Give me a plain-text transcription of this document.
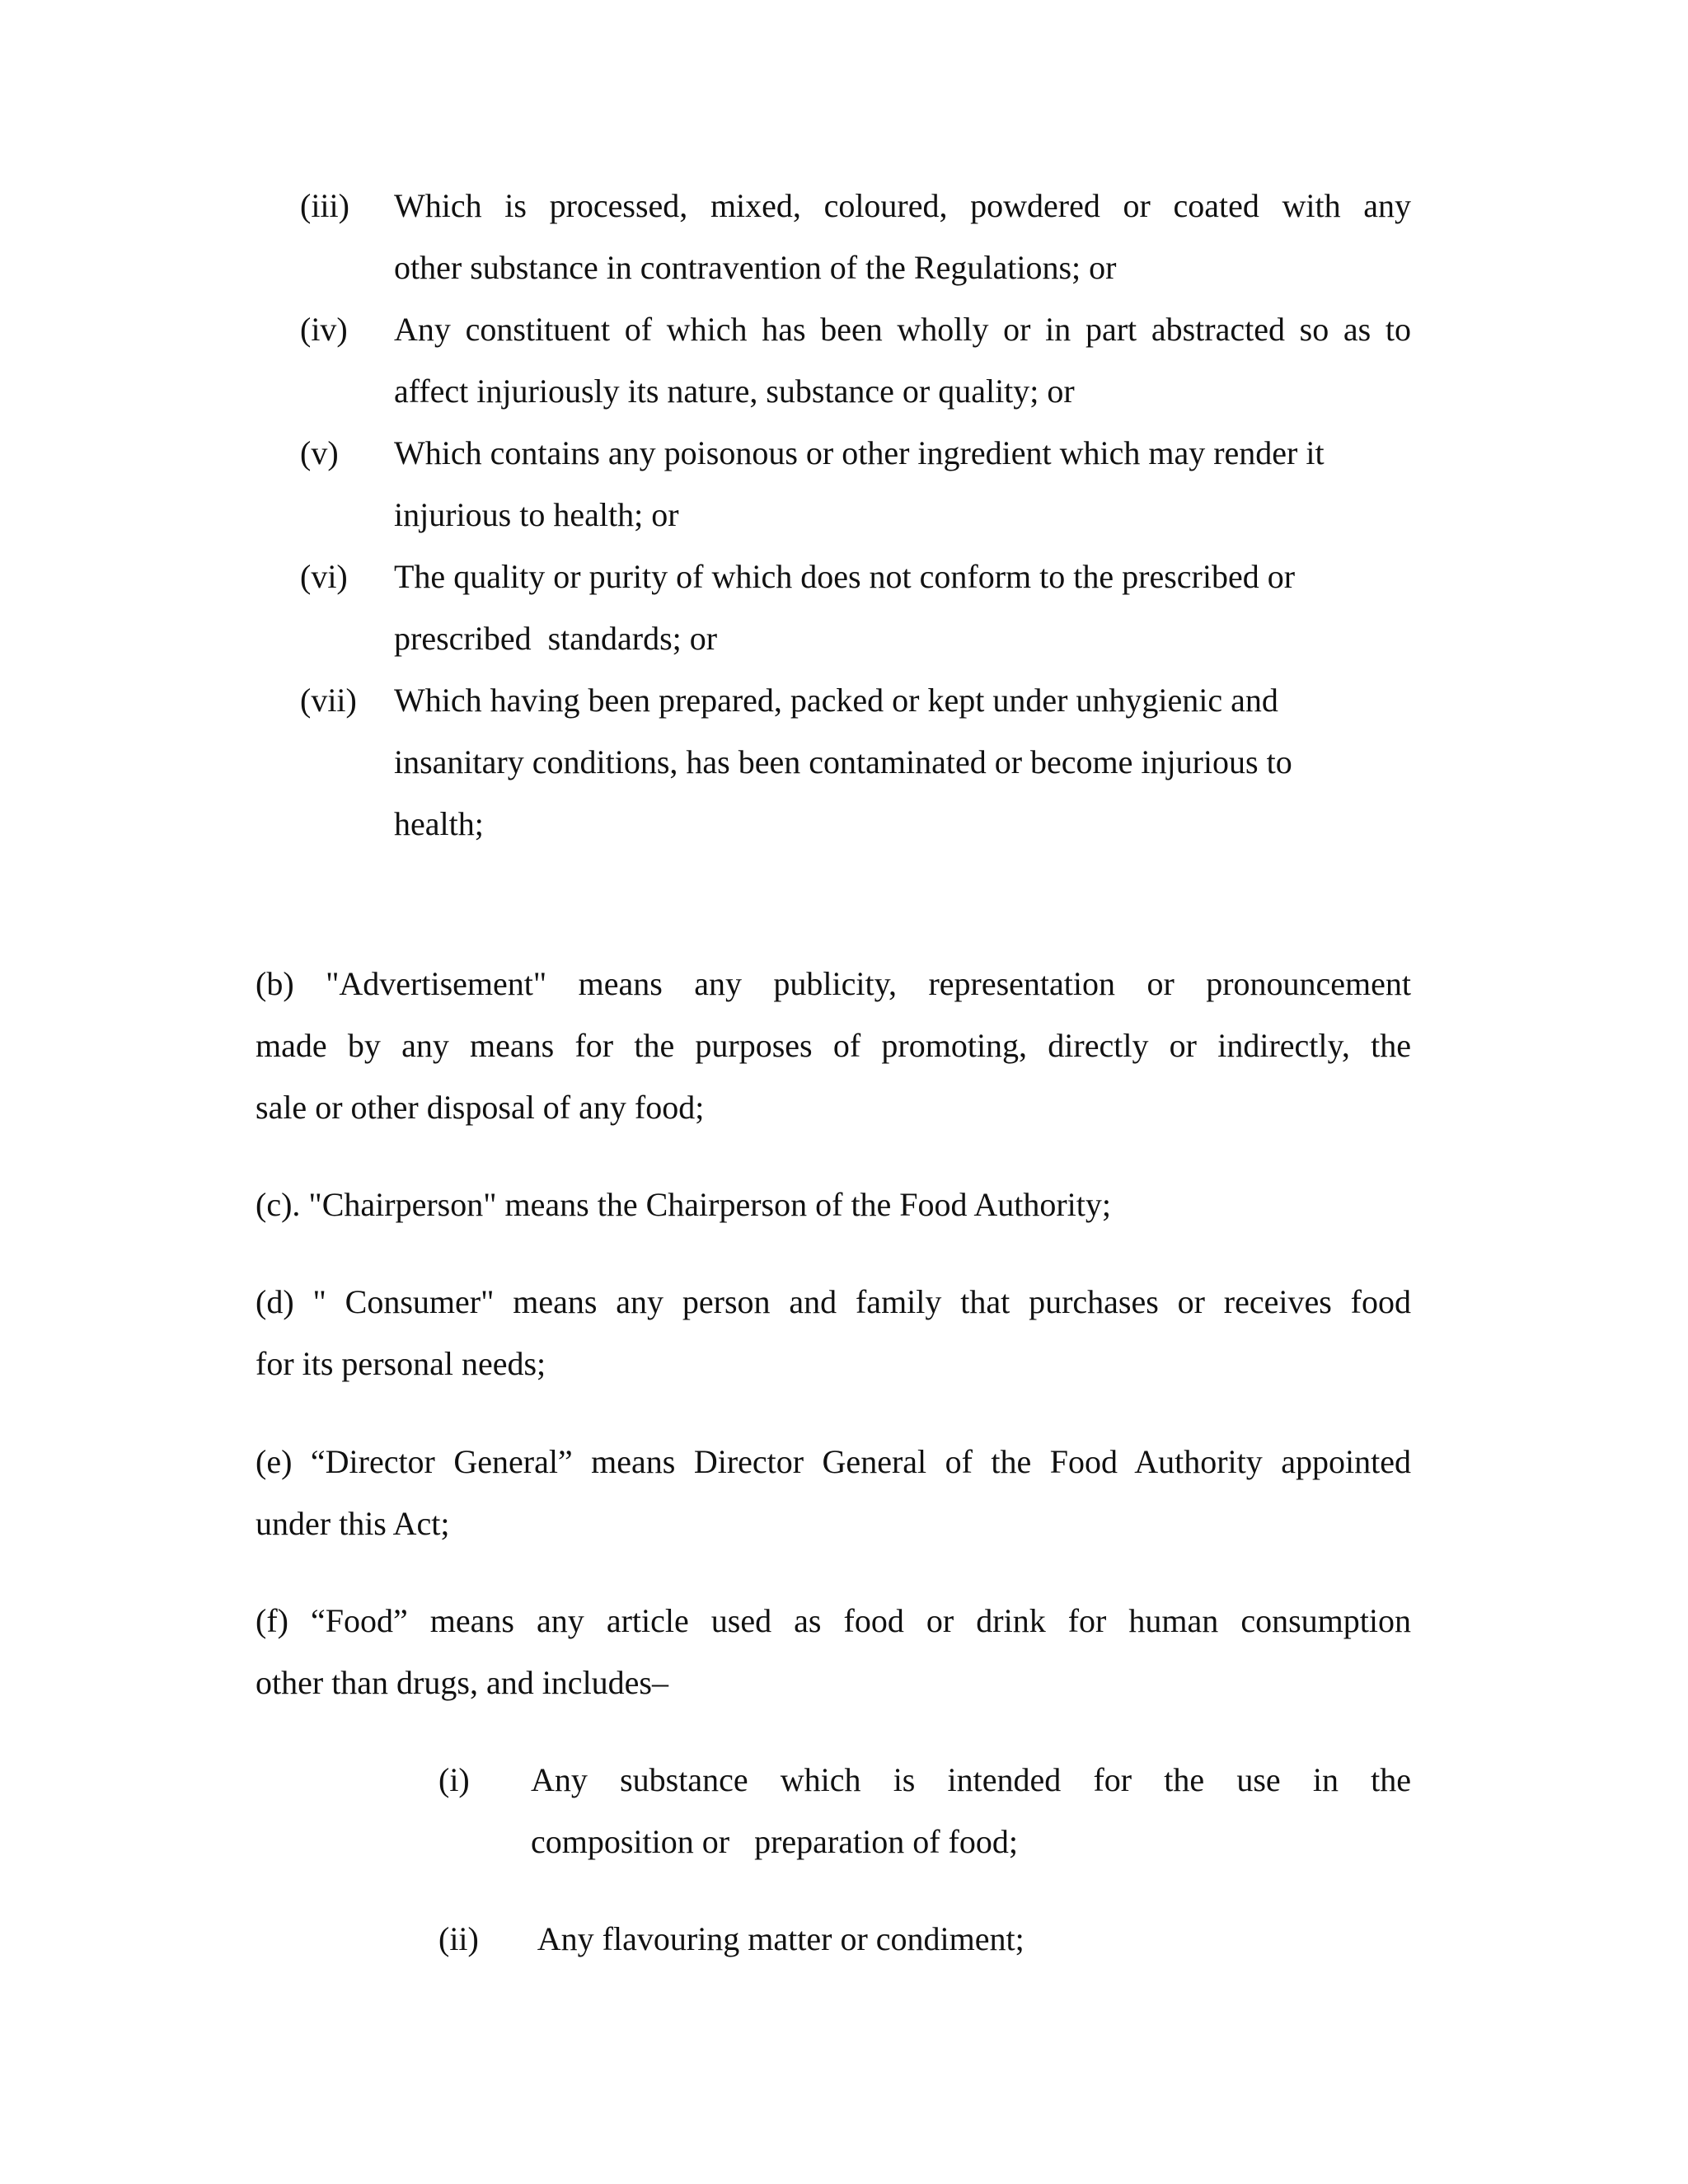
(iii) Which is processed, mixed, coloured, powdered or coated with any
other substance in contravention of the Regulations; or
(iv) Any constituent of which has been wholly or in part abstracted so as to
affect injuriously its nature, substance or quality; or
(v) Which contains any poisonous or other ingredient which may render it
injurious to health; or
(vi) The quality or purity of which does not conform to the prescribed or
prescribed  standards; or
(vii) Which having been prepared, packed or kept under unhygienic and
insanitary conditions, has been contaminated or become injurious to
health;
(b) "Advertisement" means any publicity, representation or pronouncement
made by any means for the purposes of promoting, directly or indirectly, the
sale or other disposal of any food;
(c). "Chairperson" means the Chairperson of the Food Authority;
(d) " Consumer" means any person and family that purchases or receives food
for its personal needs;
(e) “Director General” means Director General of the Food Authority appointed
under this Act;
(f) “Food” means any article used as food or drink for human consumption
other than drugs, and includes–
(i) Any substance which is intended for the use in the
composition or   preparation of food;
(ii) Any flavouring matter or condiment;
